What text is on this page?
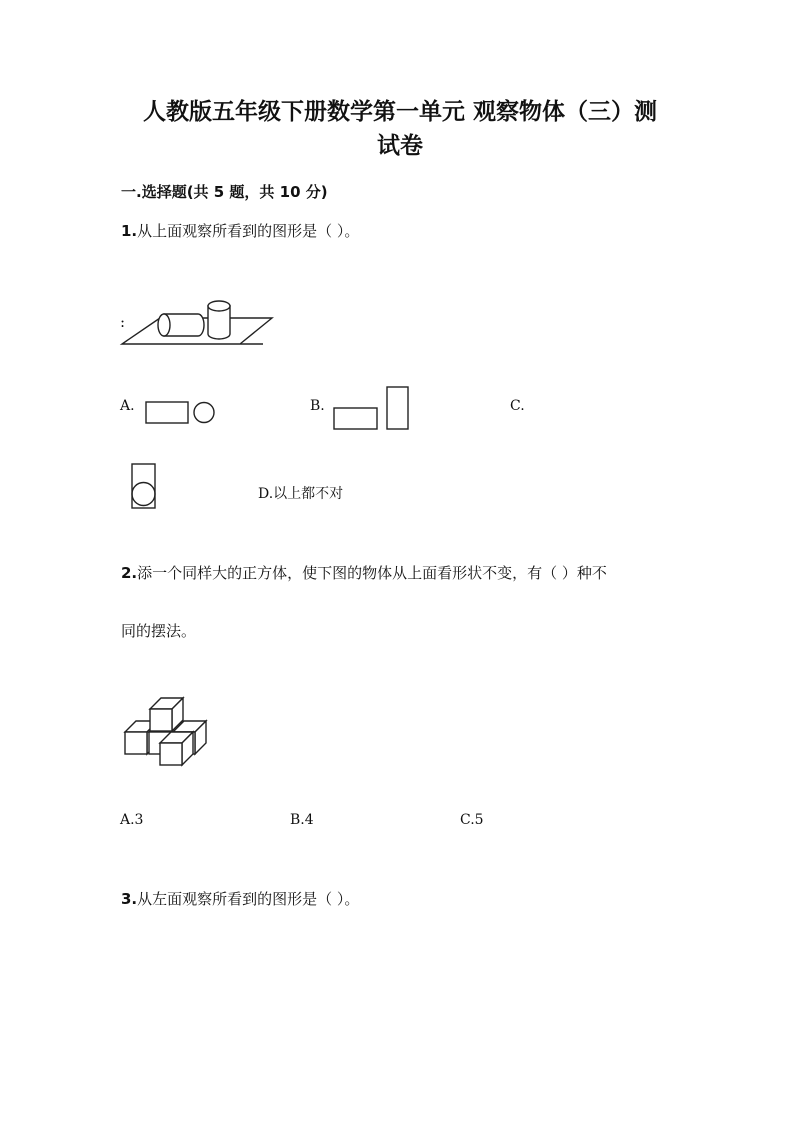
人教版五年级下册数学第一单元 观察物体（三）测
试卷
一.选择题(共 5 题，共 10 分)
1.从上面观察所看到的图形是（ ）。
:
A.	B.	C.
D.以上都不对
2.添一个同样大的正方体，使下图的物体从上面看形状不变，有（ ）种不
同的摆法。
A.3	B.4	C.5
3.从左面观察所看到的图形是（ ）。
